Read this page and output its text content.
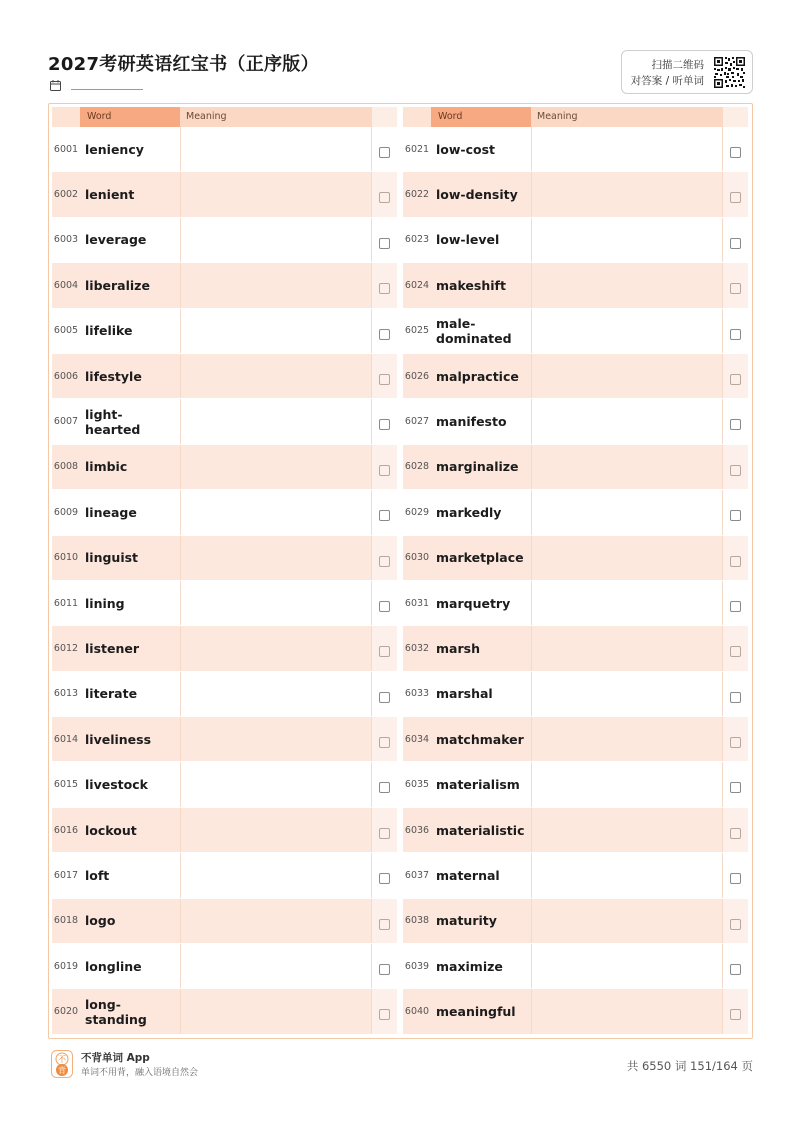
2027考研英语红宝书（正序版）	扫描二维码
对答案 / 听单词
Word	Meaning
6001 leniency
6002 lenient
6003 leverage
6004 liberalize
6005 lifelike
6006 lifestyle
6007 light-hearted
6008 limbic
6009 lineage
6010 linguist
6011 lining
6012 listener
6013 literate
6014 liveliness
6015 livestock
6016 lockout
6017 loft
6018 logo
6019 longline
6020 long-standing
Word	Meaning
6021 low-cost
6022 low-density
6023 low-level
6024 makeshift
6025 male-dominated
6026 malpractice
6027 manifesto
6028 marginalize
6029 markedly
6030 marketplace
6031 marquetry
6032 marsh
6033 marshal
6034 matchmaker
6035 materialism
6036 materialistic
6037 maternal
6038 maturity
6039 maximize
6040 meaningful
不
背
不背单词 App
单词不用背，融入语境自然会	共 6550 词 151/164 页
